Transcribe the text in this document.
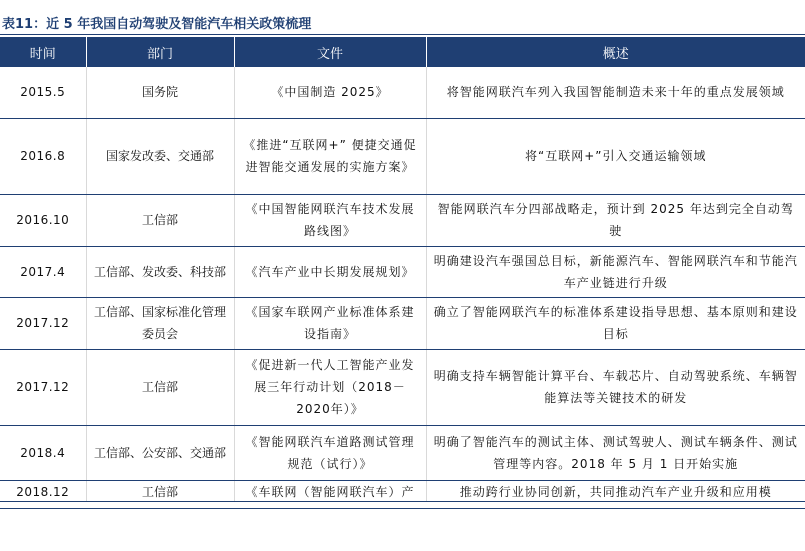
表11：近 5 年我国自动驾驶及智能汽车相关政策梳理
时间	部门	文件	概述
2015.5	国务院	《中国制造 2025》	将智能网联汽车列入我国智能制造未来十年的重点发展领域
2016.8	国家发改委、交通部	《推进“互联网+” 便捷交通促进智能交通发展的实施方案》	将“互联网+”引入交通运输领域
2016.10	工信部	《中国智能网联汽车技术发展路线图》	智能网联汽车分四部战略走，预计到 2025 年达到完全自动驾驶
2017.4	工信部、发改委、科技部	《汽车产业中长期发展规划》	明确建设汽车强国总目标，新能源汽车、智能网联汽车和节能汽车产业链进行升级
2017.12	工信部、国家标准化管理委员会	《国家车联网产业标准体系建设指南》	确立了智能网联汽车的标准体系建设指导思想、基本原则和建设目标
2017.12	工信部	《促进新一代人工智能产业发展三年行动计划（2018－2020年）》	明确支持车辆智能计算平台、车载芯片、自动驾驶系统、车辆智能算法等关键技术的研发
2018.4	工信部、公安部、交通部	《智能网联汽车道路测试管理规范（试行）》	明确了智能汽车的测试主体、测试驾驶人、测试车辆条件、测试管理等内容。2018 年 5 月 1 日开始实施

2018.12	工信部	《车联网（智能网联汽车）产	推动跨行业协同创新，共同推动汽车产业升级和应用模
